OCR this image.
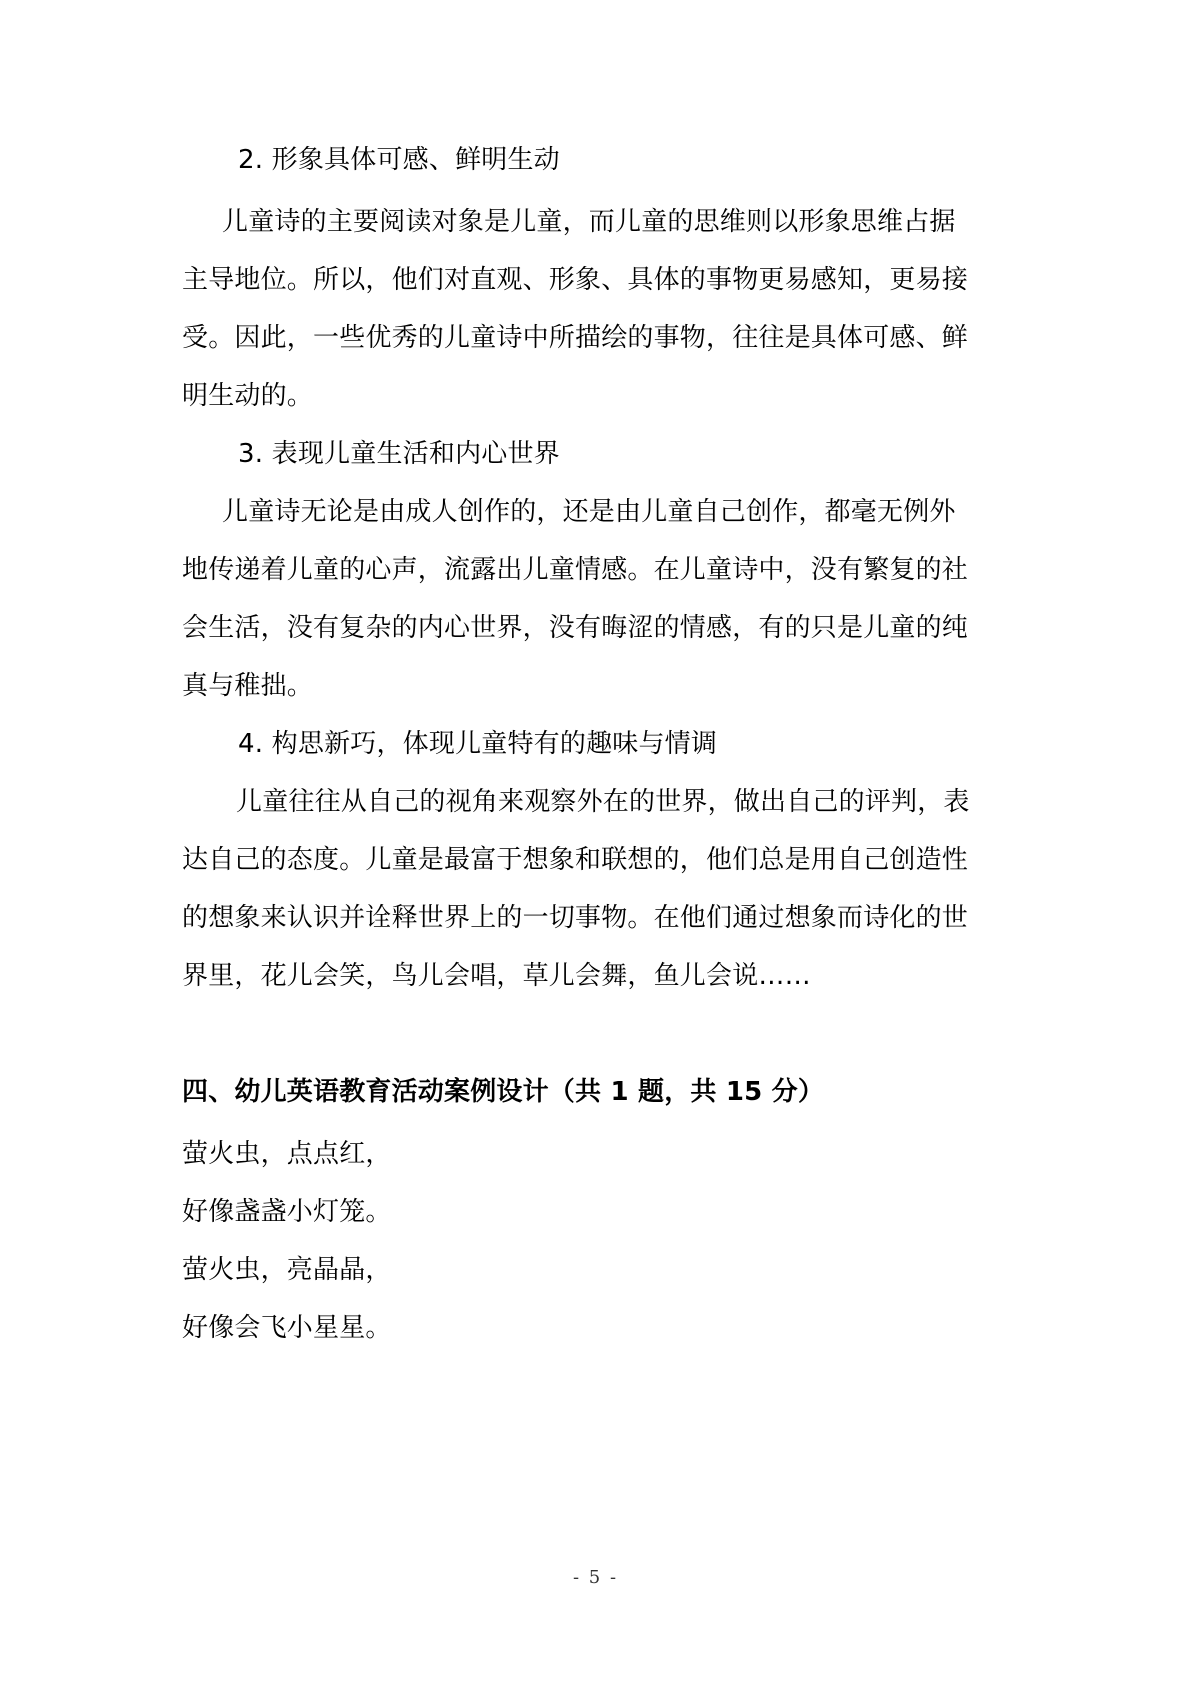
2. 形象具体可感、鲜明生动
儿童诗的主要阅读对象是儿童，而儿童的思维则以形象思维占据
主导地位。所以，他们对直观、形象、具体的事物更易感知，更易接
受。因此，一些优秀的儿童诗中所描绘的事物，往往是具体可感、鲜
明生动的。
3. 表现儿童生活和内心世界
儿童诗无论是由成人创作的，还是由儿童自己创作，都毫无例外
地传递着儿童的心声，流露出儿童情感。在儿童诗中，没有繁复的社
会生活，没有复杂的内心世界，没有晦涩的情感，有的只是儿童的纯
真与稚拙。
4. 构思新巧，体现儿童特有的趣味与情调
儿童往往从自己的视角来观察外在的世界，做出自己的评判，表
达自己的态度。儿童是最富于想象和联想的，他们总是用自己创造性
的想象来认识并诠释世界上的一切事物。在他们通过想象而诗化的世
界里，花儿会笑，鸟儿会唱，草儿会舞，鱼儿会说……
四、幼儿英语教育活动案例设计（共 1 题，共 15 分）
萤火虫，点点红，
好像盏盏小灯笼。
萤火虫，亮晶晶，
好像会飞小星星。
- 5 -
